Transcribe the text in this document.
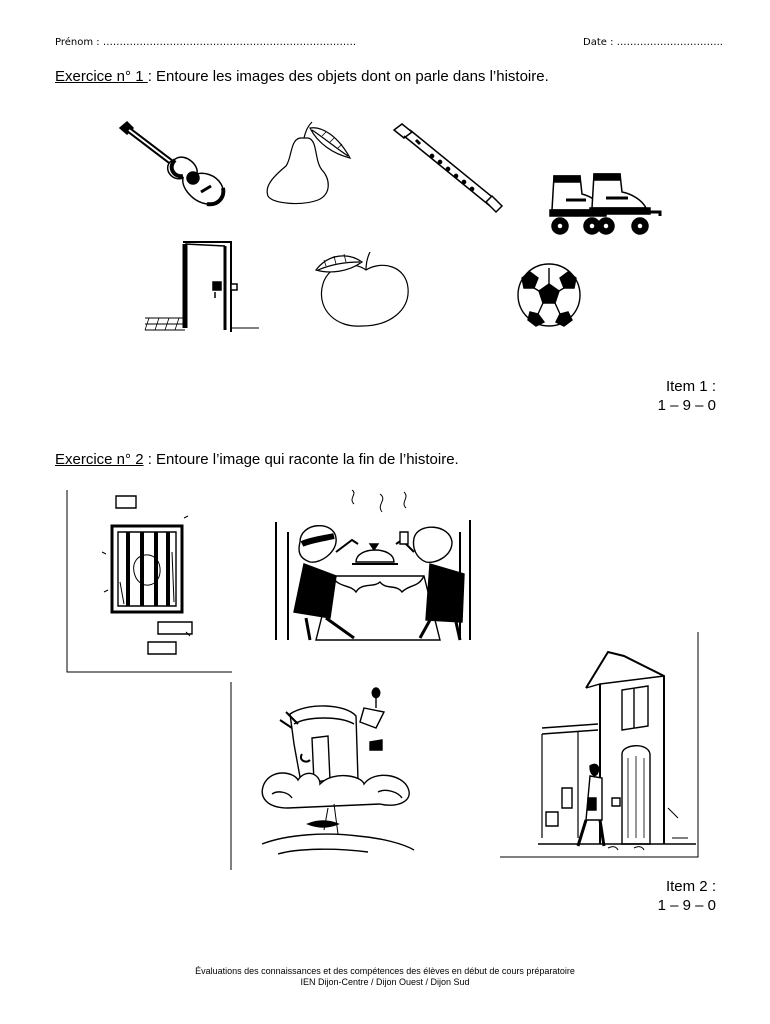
Prénom : ………………………………………………………………….	Date : …………………………..
Exercice n° 1 : Entoure les images des objets dont on parle dans l’histoire.
Item 1 :
1 – 9 – 0
Exercice n° 2 : Entoure l’image qui raconte la fin de l’histoire.
Item 2 :
1 – 9 – 0
Évaluations des connaissances et des compétences des élèves en début de cours préparatoire
IEN Dijon-Centre / Dijon Ouest / Dijon Sud
